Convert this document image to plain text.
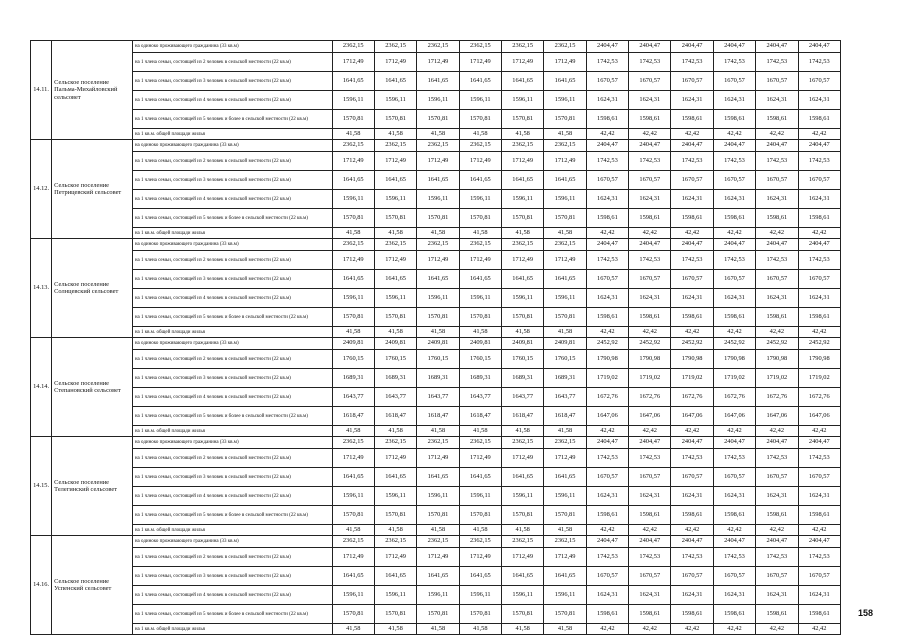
14.11.	Сельское поселение Пальма-Михайловский сельсовет	на одиноко проживающего гражданина (33 кв.м)	2362,15	2362,15	2362,15	2362,15	2362,15	2362,15	2404,47	2404,47	2404,47	2404,47	2404,47	2404,47
		на 1 члена семьи, состоящей из 2 человек в сельской местности (22 кв.м)	1712,49	1712,49	1712,49	1712,49	1712,49	1712,49	1742,53	1742,53	1742,53	1742,53	1742,53	1742,53
		на 1 члена семьи, состоящей из 3 человек в сельской местности (22 кв.м)	1641,65	1641,65	1641,65	1641,65	1641,65	1641,65	1670,57	1670,57	1670,57	1670,57	1670,57	1670,57
		на 1 члена семьи, состоящей из 4 человек в сельской местности (22 кв.м)	1596,11	1596,11	1596,11	1596,11	1596,11	1596,11	1624,31	1624,31	1624,31	1624,31	1624,31	1624,31
		на 1 члена семьи, состоящей из 5 человек и более в сельской местности (22 кв.м)	1570,81	1570,81	1570,81	1570,81	1570,81	1570,81	1598,61	1598,61	1598,61	1598,61	1598,61	1598,61
		на 1 кв.м. общей площади жилья	41,58	41,58	41,58	41,58	41,58	41,58	42,42	42,42	42,42	42,42	42,42	42,42
14.12.	Сельское поселение Петрицевский сельсовет	на одиноко проживающего гражданина (33 кв.м)	2362,15	2362,15	2362,15	2362,15	2362,15	2362,15	2404,47	2404,47	2404,47	2404,47	2404,47	2404,47
		на 1 члена семьи, состоящей из 2 человек в сельской местности (22 кв.м)	1712,49	1712,49	1712,49	1712,49	1712,49	1712,49	1742,53	1742,53	1742,53	1742,53	1742,53	1742,53
		на 1 члена семьи, состоящей из 3 человек в сельской местности (22 кв.м)	1641,65	1641,65	1641,65	1641,65	1641,65	1641,65	1670,57	1670,57	1670,57	1670,57	1670,57	1670,57
		на 1 члена семьи, состоящей из 4 человек в сельской местности (22 кв.м)	1596,11	1596,11	1596,11	1596,11	1596,11	1596,11	1624,31	1624,31	1624,31	1624,31	1624,31	1624,31
		на 1 члена семьи, состоящей из 5 человек и более в сельской местности (22 кв.м)	1570,81	1570,81	1570,81	1570,81	1570,81	1570,81	1598,61	1598,61	1598,61	1598,61	1598,61	1598,61
		на 1 кв.м. общей площади жилья	41,58	41,58	41,58	41,58	41,58	41,58	42,42	42,42	42,42	42,42	42,42	42,42
14.13.	Сельское поселение Солнцевский сельсовет	на одиноко проживающего гражданина (33 кв.м)	2362,15	2362,15	2362,15	2362,15	2362,15	2362,15	2404,47	2404,47	2404,47	2404,47	2404,47	2404,47
		на 1 члена семьи, состоящей из 2 человек в сельской местности (22 кв.м)	1712,49	1712,49	1712,49	1712,49	1712,49	1712,49	1742,53	1742,53	1742,53	1742,53	1742,53	1742,53
		на 1 члена семьи, состоящей из 3 человек в сельской местности (22 кв.м)	1641,65	1641,65	1641,65	1641,65	1641,65	1641,65	1670,57	1670,57	1670,57	1670,57	1670,57	1670,57
		на 1 члена семьи, состоящей из 4 человек в сельской местности (22 кв.м)	1596,11	1596,11	1596,11	1596,11	1596,11	1596,11	1624,31	1624,31	1624,31	1624,31	1624,31	1624,31
		на 1 члена семьи, состоящей из 5 человек и более в сельской местности (22 кв.м)	1570,81	1570,81	1570,81	1570,81	1570,81	1570,81	1598,61	1598,61	1598,61	1598,61	1598,61	1598,61
		на 1 кв.м. общей площади жилья	41,58	41,58	41,58	41,58	41,58	41,58	42,42	42,42	42,42	42,42	42,42	42,42
14.14.	Сельское поселение Степановский сельсовет	на одиноко проживающего гражданина (33 кв.м)	2409,81	2409,81	2409,81	2409,81	2409,81	2409,81	2452,92	2452,92	2452,92	2452,92	2452,92	2452,92
		на 1 члена семьи, состоящей из 2 человек в сельской местности (22 кв.м)	1760,15	1760,15	1760,15	1760,15	1760,15	1760,15	1790,98	1790,98	1790,98	1790,98	1790,98	1790,98
		на 1 члена семьи, состоящей из 3 человек в сельской местности (22 кв.м)	1689,31	1689,31	1689,31	1689,31	1689,31	1689,31	1719,02	1719,02	1719,02	1719,02	1719,02	1719,02
		на 1 члена семьи, состоящей из 4 человек в сельской местности (22 кв.м)	1643,77	1643,77	1643,77	1643,77	1643,77	1643,77	1672,76	1672,76	1672,76	1672,76	1672,76	1672,76
		на 1 члена семьи, состоящей из 5 человек и более в сельской местности (22 кв.м)	1618,47	1618,47	1618,47	1618,47	1618,47	1618,47	1647,06	1647,06	1647,06	1647,06	1647,06	1647,06
		на 1 кв.м. общей площади жилья	41,58	41,58	41,58	41,58	41,58	41,58	42,42	42,42	42,42	42,42	42,42	42,42
14.15.	Сельское поселение Телегинский сельсовет	на одиноко проживающего гражданина (33 кв.м)	2362,15	2362,15	2362,15	2362,15	2362,15	2362,15	2404,47	2404,47	2404,47	2404,47	2404,47	2404,47
		на 1 члена семьи, состоящей из 2 человек в сельской местности (22 кв.м)	1712,49	1712,49	1712,49	1712,49	1712,49	1712,49	1742,53	1742,53	1742,53	1742,53	1742,53	1742,53
		на 1 члена семьи, состоящей из 3 человек в сельской местности (22 кв.м)	1641,65	1641,65	1641,65	1641,65	1641,65	1641,65	1670,57	1670,57	1670,57	1670,57	1670,57	1670,57
		на 1 члена семьи, состоящей из 4 человек в сельской местности (22 кв.м)	1596,11	1596,11	1596,11	1596,11	1596,11	1596,11	1624,31	1624,31	1624,31	1624,31	1624,31	1624,31
		на 1 члена семьи, состоящей из 5 человек и более в сельской местности (22 кв.м)	1570,81	1570,81	1570,81	1570,81	1570,81	1570,81	1598,61	1598,61	1598,61	1598,61	1598,61	1598,61
		на 1 кв.м. общей площади жилья	41,58	41,58	41,58	41,58	41,58	41,58	42,42	42,42	42,42	42,42	42,42	42,42
14.16.	Сельское поселение Успенский сельсовет	на одиноко проживающего гражданина (33 кв.м)	2362,15	2362,15	2362,15	2362,15	2362,15	2362,15	2404,47	2404,47	2404,47	2404,47	2404,47	2404,47
		на 1 члена семьи, состоящей из 2 человек в сельской местности (22 кв.м)	1712,49	1712,49	1712,49	1712,49	1712,49	1712,49	1742,53	1742,53	1742,53	1742,53	1742,53	1742,53
		на 1 члена семьи, состоящей из 3 человек в сельской местности (22 кв.м)	1641,65	1641,65	1641,65	1641,65	1641,65	1641,65	1670,57	1670,57	1670,57	1670,57	1670,57	1670,57
		на 1 члена семьи, состоящей из 4 человек в сельской местности (22 кв.м)	1596,11	1596,11	1596,11	1596,11	1596,11	1596,11	1624,31	1624,31	1624,31	1624,31	1624,31	1624,31
		на 1 члена семьи, состоящей из 5 человек и более в сельской местности (22 кв.м)	1570,81	1570,81	1570,81	1570,81	1570,81	1570,81	1598,61	1598,61	1598,61	1598,61	1598,61	1598,61
		на 1 кв.м. общей площади жилья	41,58	41,58	41,58	41,58	41,58	41,58	42,42	42,42	42,42	42,42	42,42	42,42
158
